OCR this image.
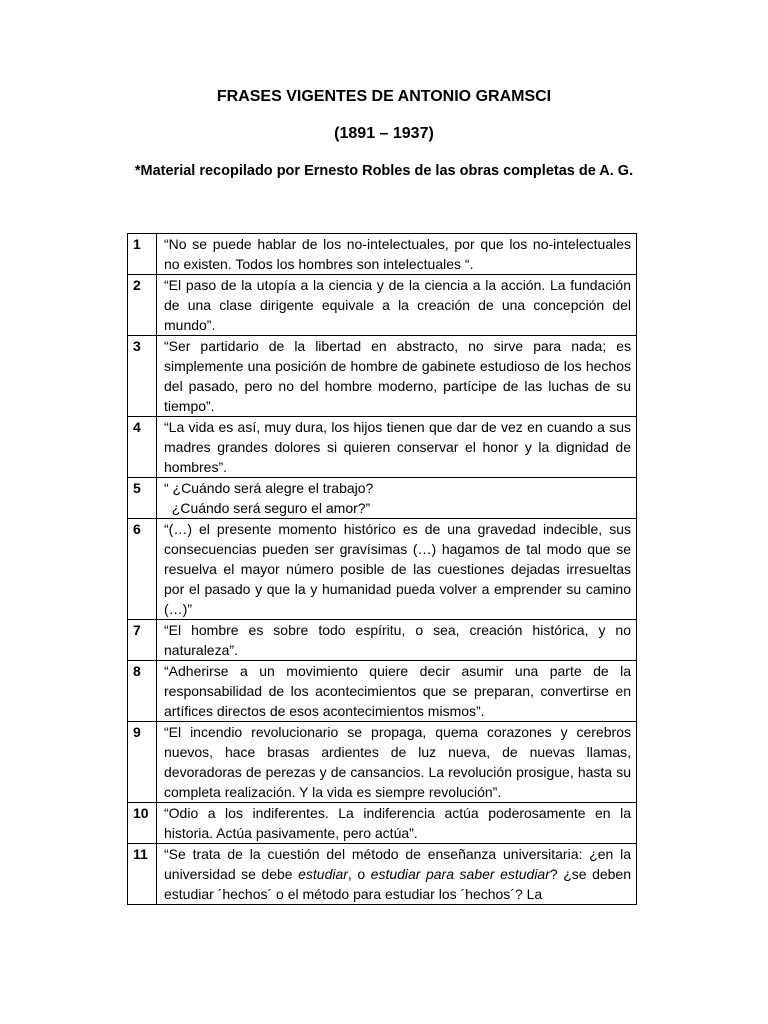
FRASES VIGENTES DE ANTONIO GRAMSCI
(1891 – 1937)
*Material recopilado por Ernesto Robles de las obras completas de A. G.
1	“No se puede hablar de los no-intelectuales, por que los no-intelectuales no existen. Todos los hombres son intelectuales “.
2	“El paso de la utopía a la ciencia y de la ciencia a la acción. La fundación de una clase dirigente equivale a la creación de una concepción del mundo”.
3	“Ser partidario de la libertad en abstracto, no sirve para nada; es simplemente una posición de hombre de gabinete estudioso de los hechos del pasado, pero no del hombre moderno, partícipe de las luchas de su tiempo”.
4	“La vida es así, muy dura, los hijos tienen que dar de vez en cuando a sus madres grandes dolores si quieren conservar el honor y la dignidad de hombres”.
5	“ ¿Cuándo será alegre el trabajo?
¿Cuándo será seguro el amor?”

6	“(…) el presente momento histórico es de una gravedad indecible, sus consecuencias pueden ser gravísimas (…) hagamos de tal modo que se resuelva el mayor número posible de las cuestiones dejadas irresueltas por el pasado y que la y humanidad pueda volver a emprender su camino (…)”
7	“El hombre es sobre todo espíritu, o sea, creación histórica, y no naturaleza”.
8	“Adherirse a un movimiento quiere decir asumir una parte de la responsabilidad de los acontecimientos que se preparan, convertirse en artífices directos de esos acontecimientos mismos”.
9	“El incendio revolucionario se propaga, quema corazones y cerebros nuevos, hace brasas ardientes de luz nueva, de nuevas llamas, devoradoras de perezas y de cansancios. La revolución prosigue, hasta su completa realización. Y la vida es siempre revolución”.
10	“Odio a los indiferentes. La indiferencia actúa poderosamente en la historia. Actúa pasivamente, pero actúa”.
11	“Se trata de la cuestión del método de enseñanza universitaria: ¿en la universidad se debe estudiar, o estudiar para saber estudiar? ¿se deben estudiar ´hechos´ o el método para estudiar los ´hechos´? La
